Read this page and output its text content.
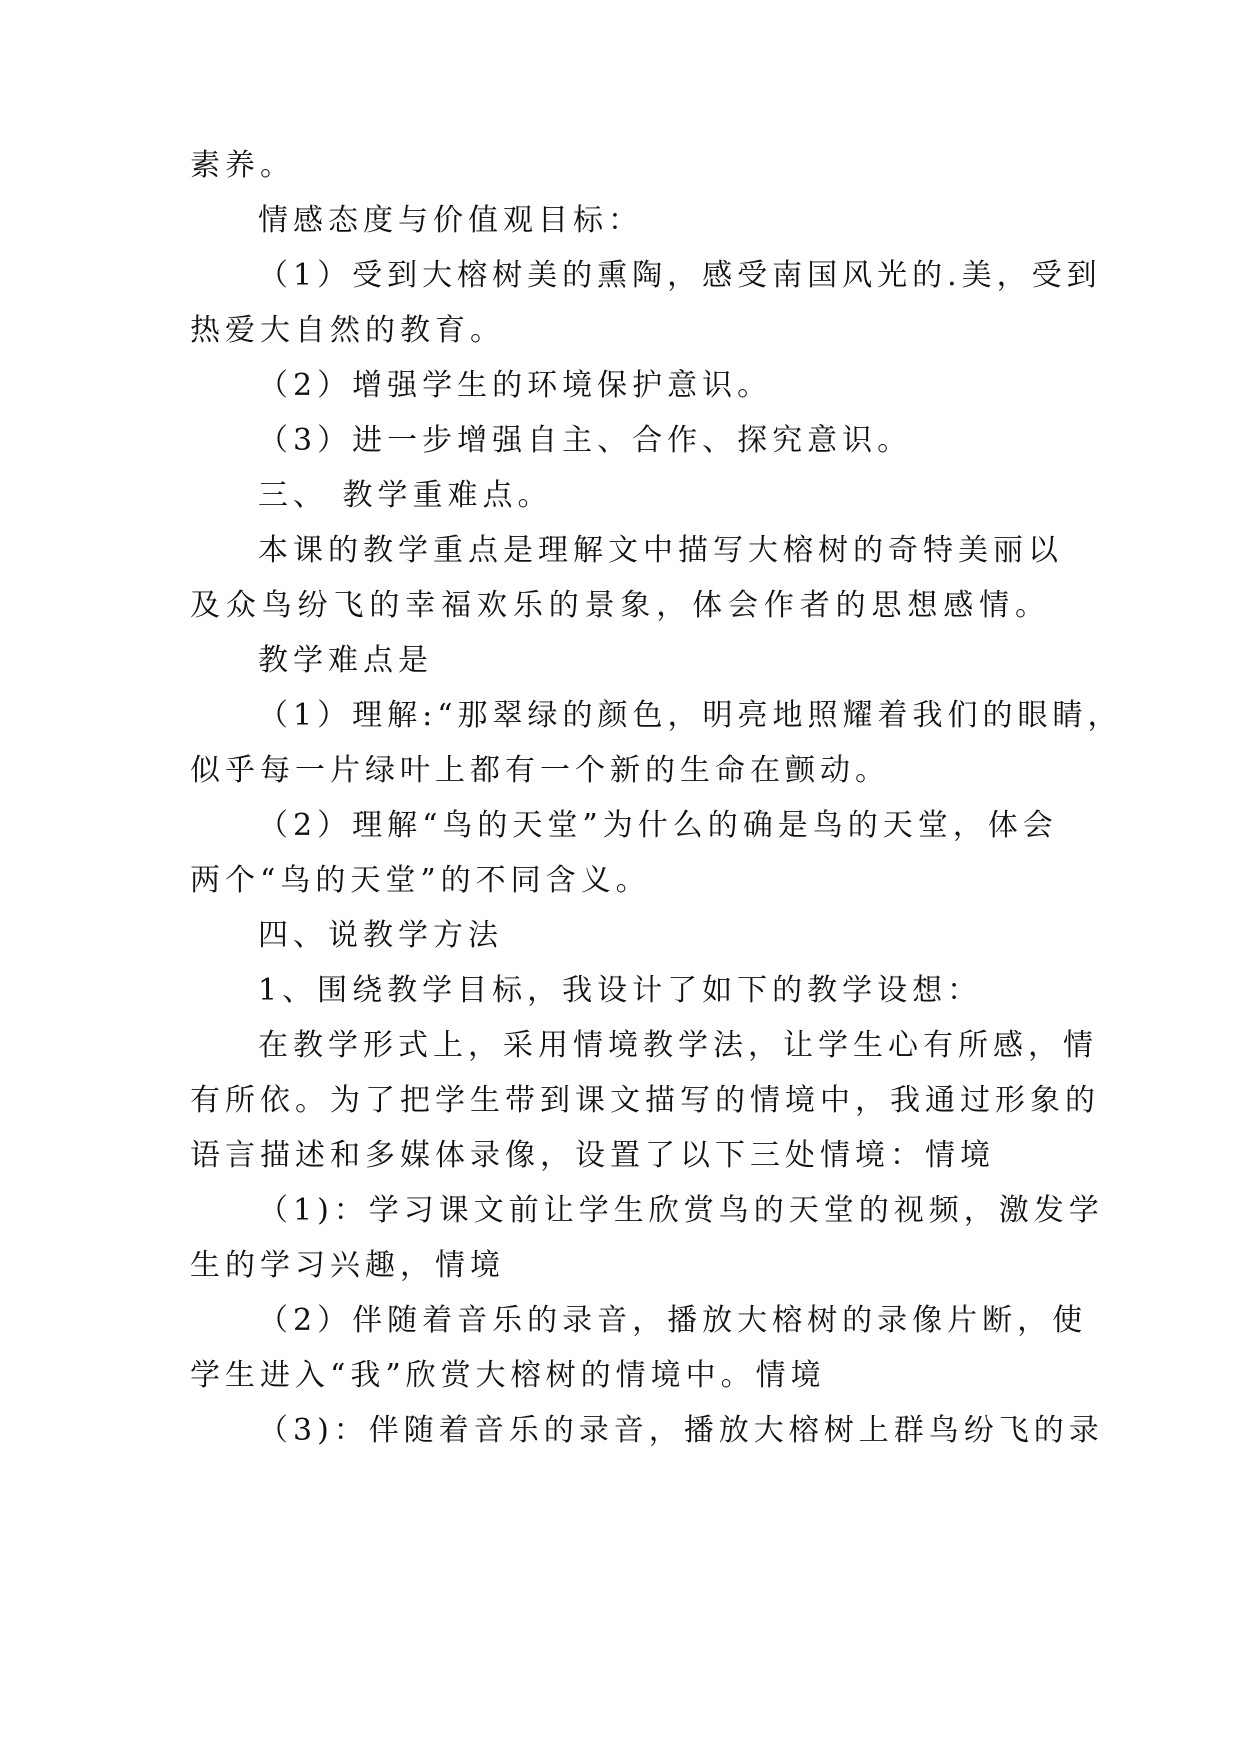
素养。
情感态度与价值观目标：
（1）受到大榕树美的熏陶，感受南国风光的.美，受到
热爱大自然的教育。
（2）增强学生的环境保护意识。
（3）进一步增强自主、合作、探究意识。
三、 教学重难点。
本课的教学重点是理解文中描写大榕树的奇特美丽以
及众鸟纷飞的幸福欢乐的景象，体会作者的思想感情。
教学难点是
（1）理解:“那翠绿的颜色，明亮地照耀着我们的眼睛，
似乎每一片绿叶上都有一个新的生命在颤动。
（2）理解“鸟的天堂”为什么的确是鸟的天堂，体会
两个“鸟的天堂”的不同含义。
四、说教学方法
1、围绕教学目标，我设计了如下的教学设想：
在教学形式上，采用情境教学法，让学生心有所感，情
有所依。为了把学生带到课文描写的情境中，我通过形象的
语言描述和多媒体录像，设置了以下三处情境：情境
（1)：学习课文前让学生欣赏鸟的天堂的视频，激发学
生的学习兴趣，情境
（2）伴随着音乐的录音，播放大榕树的录像片断，使
学生进入“我”欣赏大榕树的情境中。情境
（3)：伴随着音乐的录音，播放大榕树上群鸟纷飞的录
